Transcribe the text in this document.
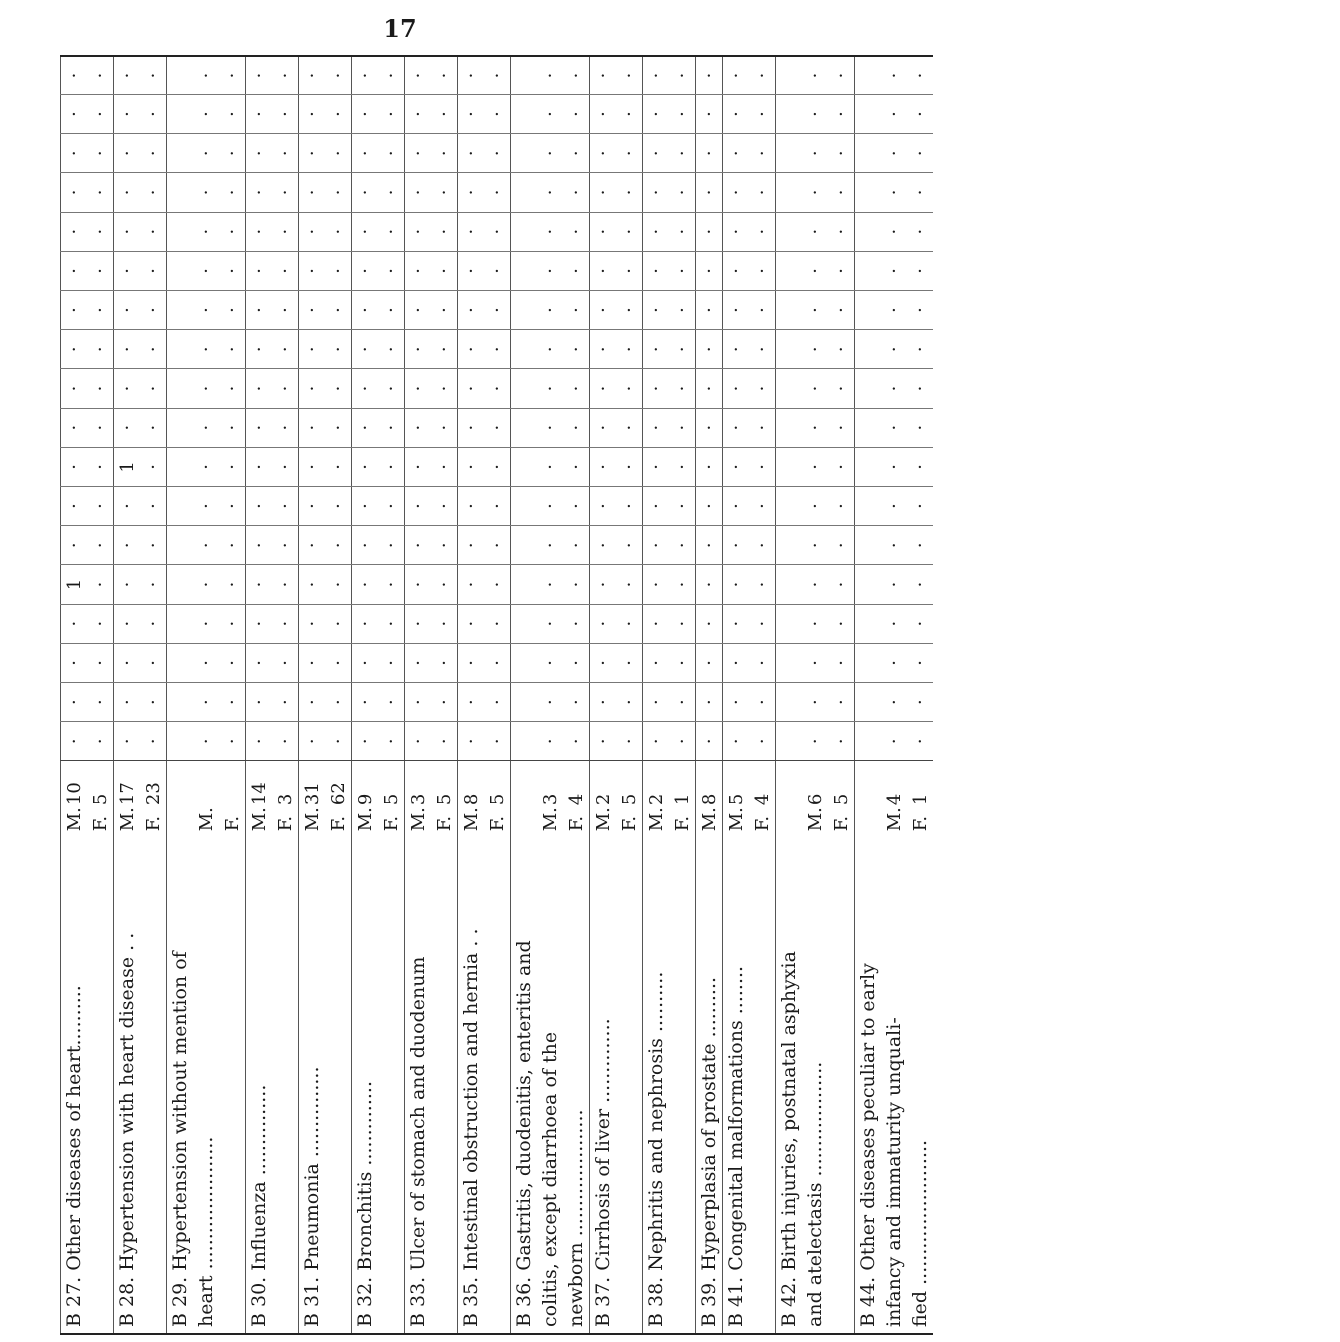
17
B 27. Other diseases of heart..........	M.	10	·	·	·	·	1	·	·	·	·	·	·	·	·	·	·	·	·	·
	F.	5	·	·	·	·	·	·	·	·	·	·	·	·	·	·	·	·	·	·
B 28. Hypertension with heart disease . .	M.	17	·	·	·	·	·	·	·	1	·	·	·	·	·	·	·	·	·	·
	F.	23	·	·	·	·	·	·	·	·	·	·	·	·	·	·	·	·	·	·
B 29. Hypertension without mention of																				
heart ......................	M.		·	·	·	·	·	·	·	·	·	·	·	·	·	·	·	·	·	·
	F.		·	·	·	·	·	·	·	·	·	·	·	·	·	·	·	·	·	·
B 30. Influenza ...............	M.	14	·	·	·	·	·	·	·	·	·	·	·	·	·	·	·	·	·	·
	F.	3	·	·	·	·	·	·	·	·	·	·	·	·	·	·	·	·	·	·
B 31. Pneumonia ...............	M.	31	·	·	·	·	·	·	·	·	·	·	·	·	·	·	·	·	·	·
	F.	62	·	·	·	·	·	·	·	·	·	·	·	·	·	·	·	·	·	·
B 32. Bronchitis ..............	M.	9	·	·	·	·	·	·	·	·	·	·	·	·	·	·	·	·	·	·
	F.	5	·	·	·	·	·	·	·	·	·	·	·	·	·	·	·	·	·	·
B 33. Ulcer of stomach and duodenum	M.	3	·	·	·	·	·	·	·	·	·	·	·	·	·	·	·	·	·	·
	F.	5	·	·	·	·	·	·	·	·	·	·	·	·	·	·	·	·	·	·
B 35. Intestinal obstruction and hernia . .	M.	8	·	·	·	·	·	·	·	·	·	·	·	·	·	·	·	·	·	·
	F.	5	·	·	·	·	·	·	·	·	·	·	·	·	·	·	·	·	·	·
B 36. Gastritis, duodenitis, enteritis and																				
colitis, except diarrhoea of the	M.	3	·	·	·	·	·	·	·	·	·	·	·	·	·	·	·	·	·	·
newborn .....................	F.	4	·	·	·	·	·	·	·	·	·	·	·	·	·	·	·	·	·	·
B 37. Cirrhosis of liver ..............	M.	2	·	·	·	·	·	·	·	·	·	·	·	·	·	·	·	·	·	·
	F.	5	·	·	·	·	·	·	·	·	·	·	·	·	·	·	·	·	·	·
B 38. Nephritis and nephrosis ..........	M.	2	·	·	·	·	·	·	·	·	·	·	·	·	·	·	·	·	·	·
	F.	1	·	·	·	·	·	·	·	·	·	·	·	·	·	·	·	·	·	·
B 39. Hyperplasia of prostate ..........	M.	8	·	·	·	·	·	·	·	·	·	·	·	·	·	·	·	·	·	·
B 41. Congenital malformations ........	M.	5	·	·	·	·	·	·	·	·	·	·	·	·	·	·	·	·	·	·
	F.	4	·	·	·	·	·	·	·	·	·	·	·	·	·	·	·	·	·	·
B 42. Birth injuries, postnatal asphyxia																				
and atelectasis ...................	M.	6	·	·	·	·	·	·	·	·	·	·	·	·	·	·	·	·	·	·
	F.	5	·	·	·	·	·	·	·	·	·	·	·	·	·	·	·	·	·	·
B 44. Other diseases peculiar to early																				
infancy and immaturity unquali-	M.	4	·	·	·	·	·	·	·	·	·	·	·	·	·	·	·	·	·	·
fied ........................	F.	1	·	·	·	·	·	·	·	·	·	·	·	·	·	·	·	·	·	·
